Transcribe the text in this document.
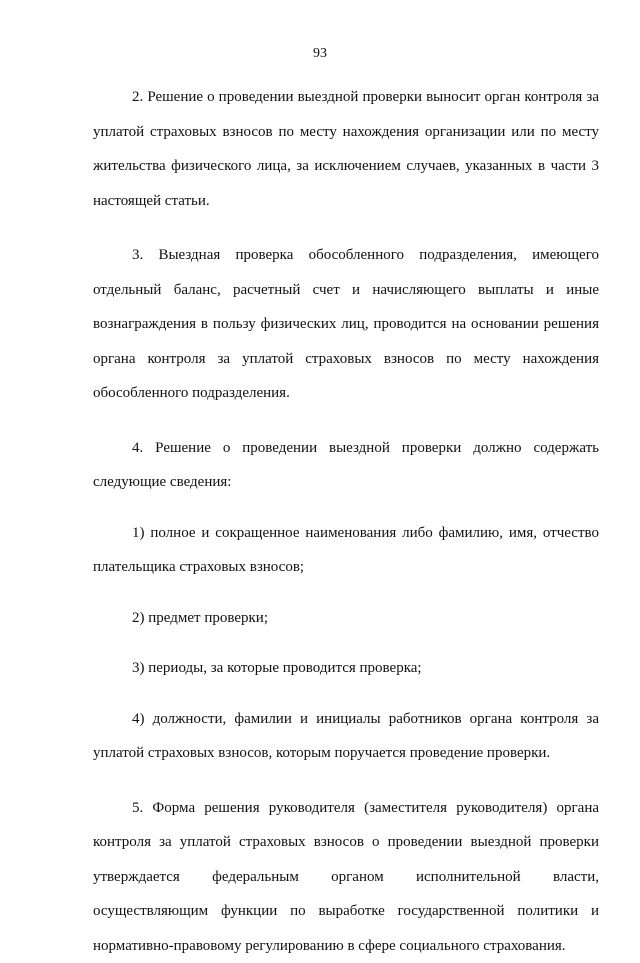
93

2. Решение о проведении выездной проверки выносит орган контроля за уплатой страховых взносов по месту нахождения организации или по месту жительства физического лица, за исключением случаев, указанных в части 3 настоящей статьи.

3. Выездная проверка обособленного подразделения, имеющего отдельный баланс, расчетный счет и начисляющего выплаты и иные вознаграждения в пользу физических лиц, проводится на основании решения органа контроля за уплатой страховых взносов по месту нахождения обособленного подразделения.

4. Решение о проведении выездной проверки должно содержать следующие сведения:

1) полное и сокращенное наименования либо фамилию, имя, отчество плательщика страховых взносов;

2) предмет проверки;

3) периоды, за которые проводится проверка;

4) должности, фамилии и инициалы работников органа контроля за уплатой страховых взносов, которым поручается проведение проверки.

5. Форма решения руководителя (заместителя руководителя) органа контроля за уплатой страховых взносов о проведении выездной проверки утверждается федеральным органом исполнительной власти, осуществляющим функции по выработке государственной политики и нормативно-правовому регулированию в сфере социального страхования.
